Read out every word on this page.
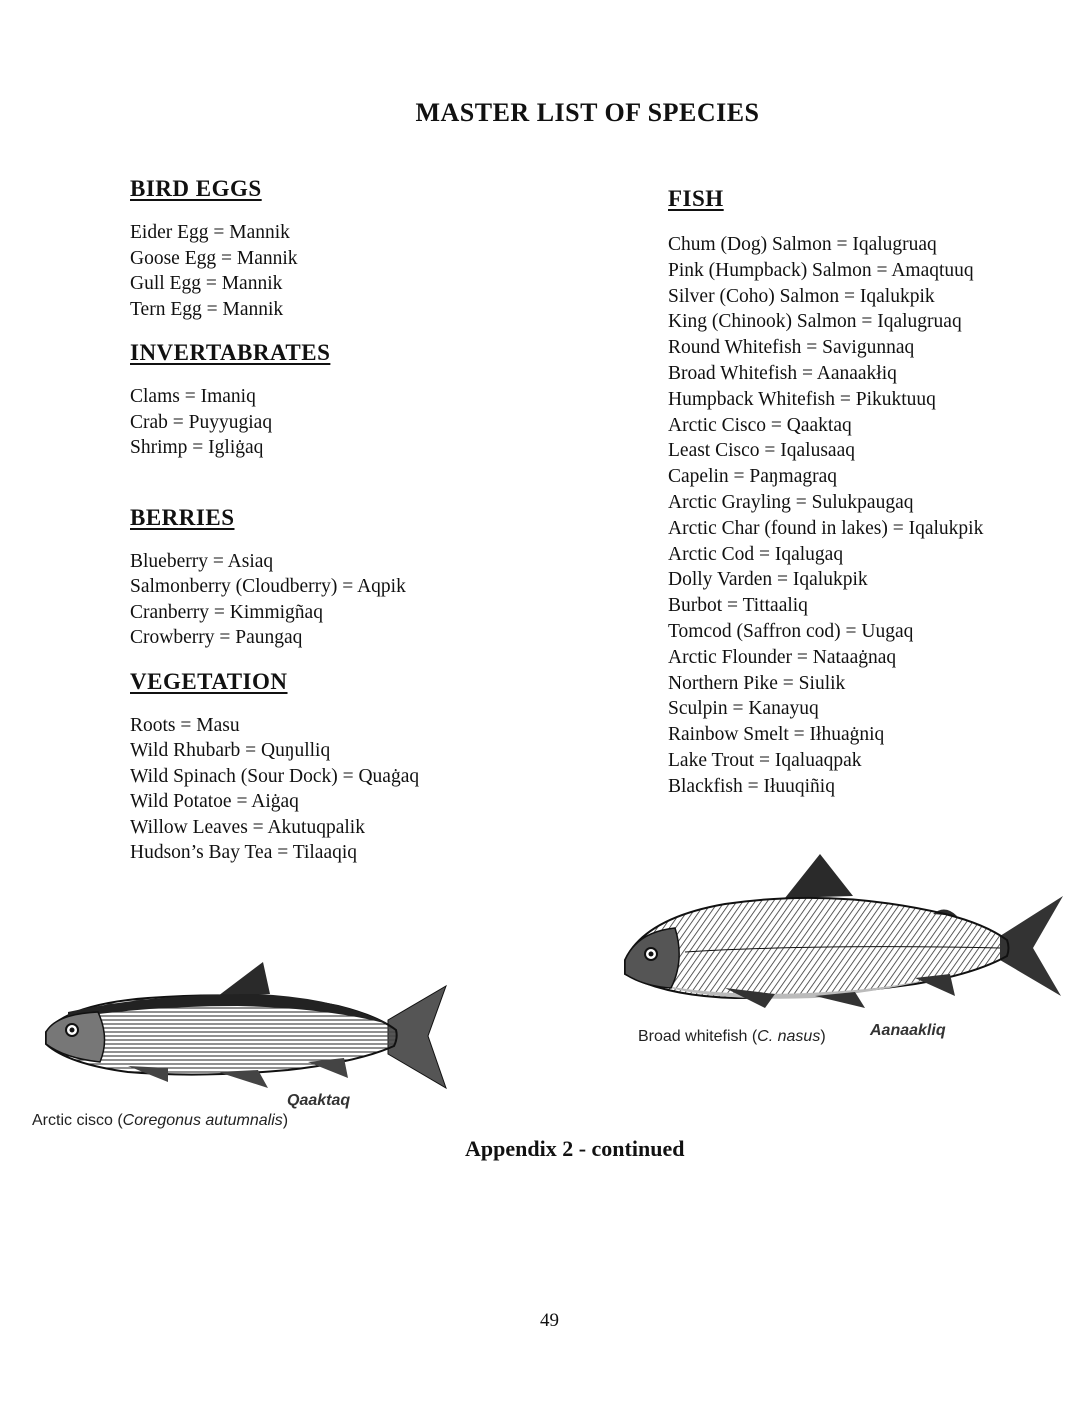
MASTER LIST OF SPECIES
BIRD EGGS
Eider Egg = Mannik
Goose Egg = Mannik
Gull Egg = Mannik
Tern Egg = Mannik
INVERTABRATES
Clams = Imaniq
Crab = Puyyugiaq
Shrimp = Igliġaq
BERRIES
Blueberry = Asiaq
Salmonberry (Cloudberry) = Aqpik
Cranberry = Kimmigñaq
Crowberry = Paungaq
VEGETATION
Roots = Masu
Wild Rhubarb = Quŋulliq
Wild Spinach (Sour Dock) = Quaġaq
Wild Potatoe = Aiġaq
Willow Leaves = Akutuqpalik
Hudson’s Bay Tea = Tilaaqiq
FISH
Chum (Dog) Salmon = Iqalugruaq
Pink (Humpback) Salmon = Amaqtuuq
Silver (Coho) Salmon = Iqalukpik
King (Chinook) Salmon = Iqalugruaq
Round Whitefish = Savigunnaq
Broad Whitefish = Aanaakłiq
Humpback Whitefish = Pikuktuuq
Arctic Cisco = Qaaktaq
Least Cisco = Iqalusaaq
Capelin = Paŋmagraq
Arctic Grayling = Sulukpaugaq
Arctic Char (found in lakes) = Iqalukpik
Arctic Cod = Iqalugaq
Dolly Varden = Iqalukpik
Burbot = Tittaaliq
Tomcod (Saffron cod) = Uugaq
Arctic Flounder = Nataaġnaq
Northern Pike = Siulik
Sculpin = Kanayuq
Rainbow Smelt = Iłhuaġniq
Lake Trout = Iqaluaqpak
Blackfish = Iłuuqiñiq
Broad whitefish (C. nasus)	Aanaakliq
Qaaktaq
Arctic cisco (Coregonus autumnalis)
Appendix 2 - continued
49
